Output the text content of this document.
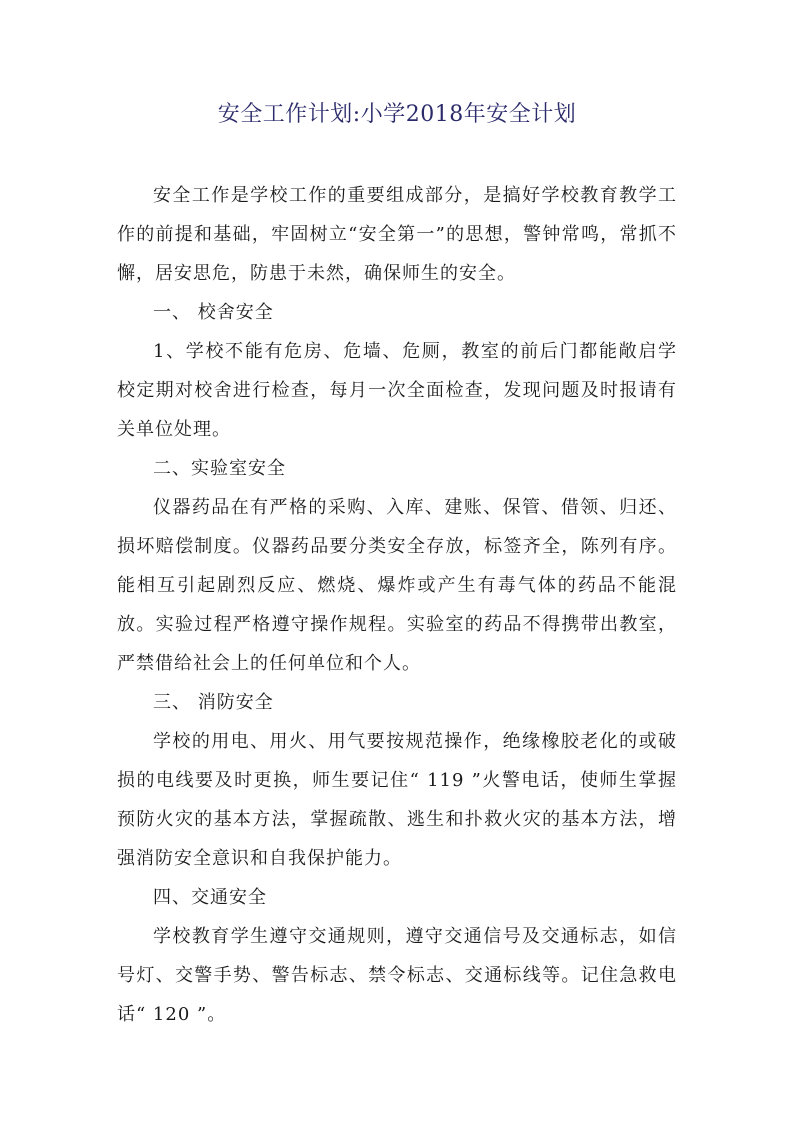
安全工作计划:小学2018年安全计划

安全工作是学校工作的重要组成部分，是搞好学校教育教学工作的前提和基础，牢固树立“安全第一”的思想，警钟常鸣，常抓不懈，居安思危，防患于未然，确保师生的安全。

一、 校舍安全

1、学校不能有危房、危墙、危厕，教室的前后门都能敞启学校定期对校舍进行检查，每月一次全面检查，发现问题及时报请有关单位处理。

二、实验室安全

仪器药品在有严格的采购、入库、建账、保管、借领、归还、损坏赔偿制度。仪器药品要分类安全存放，标签齐全，陈列有序。能相互引起剧烈反应、燃烧、爆炸或产生有毒气体的药品不能混放。实验过程严格遵守操作规程。实验室的药品不得携带出教室，严禁借给社会上的任何单位和个人。

三、 消防安全

学校的用电、用火、用气要按规范操作，绝缘橡胶老化的或破损的电线要及时更换，师生要记住“ 119 ”火警电话，使师生掌握预防火灾的基本方法，掌握疏散、逃生和扑救火灾的基本方法，增强消防安全意识和自我保护能力。

四、交通安全

学校教育学生遵守交通规则，遵守交通信号及交通标志，如信号灯、交警手势、警告标志、禁令标志、交通标线等。记住急救电话“ 120 ”。
